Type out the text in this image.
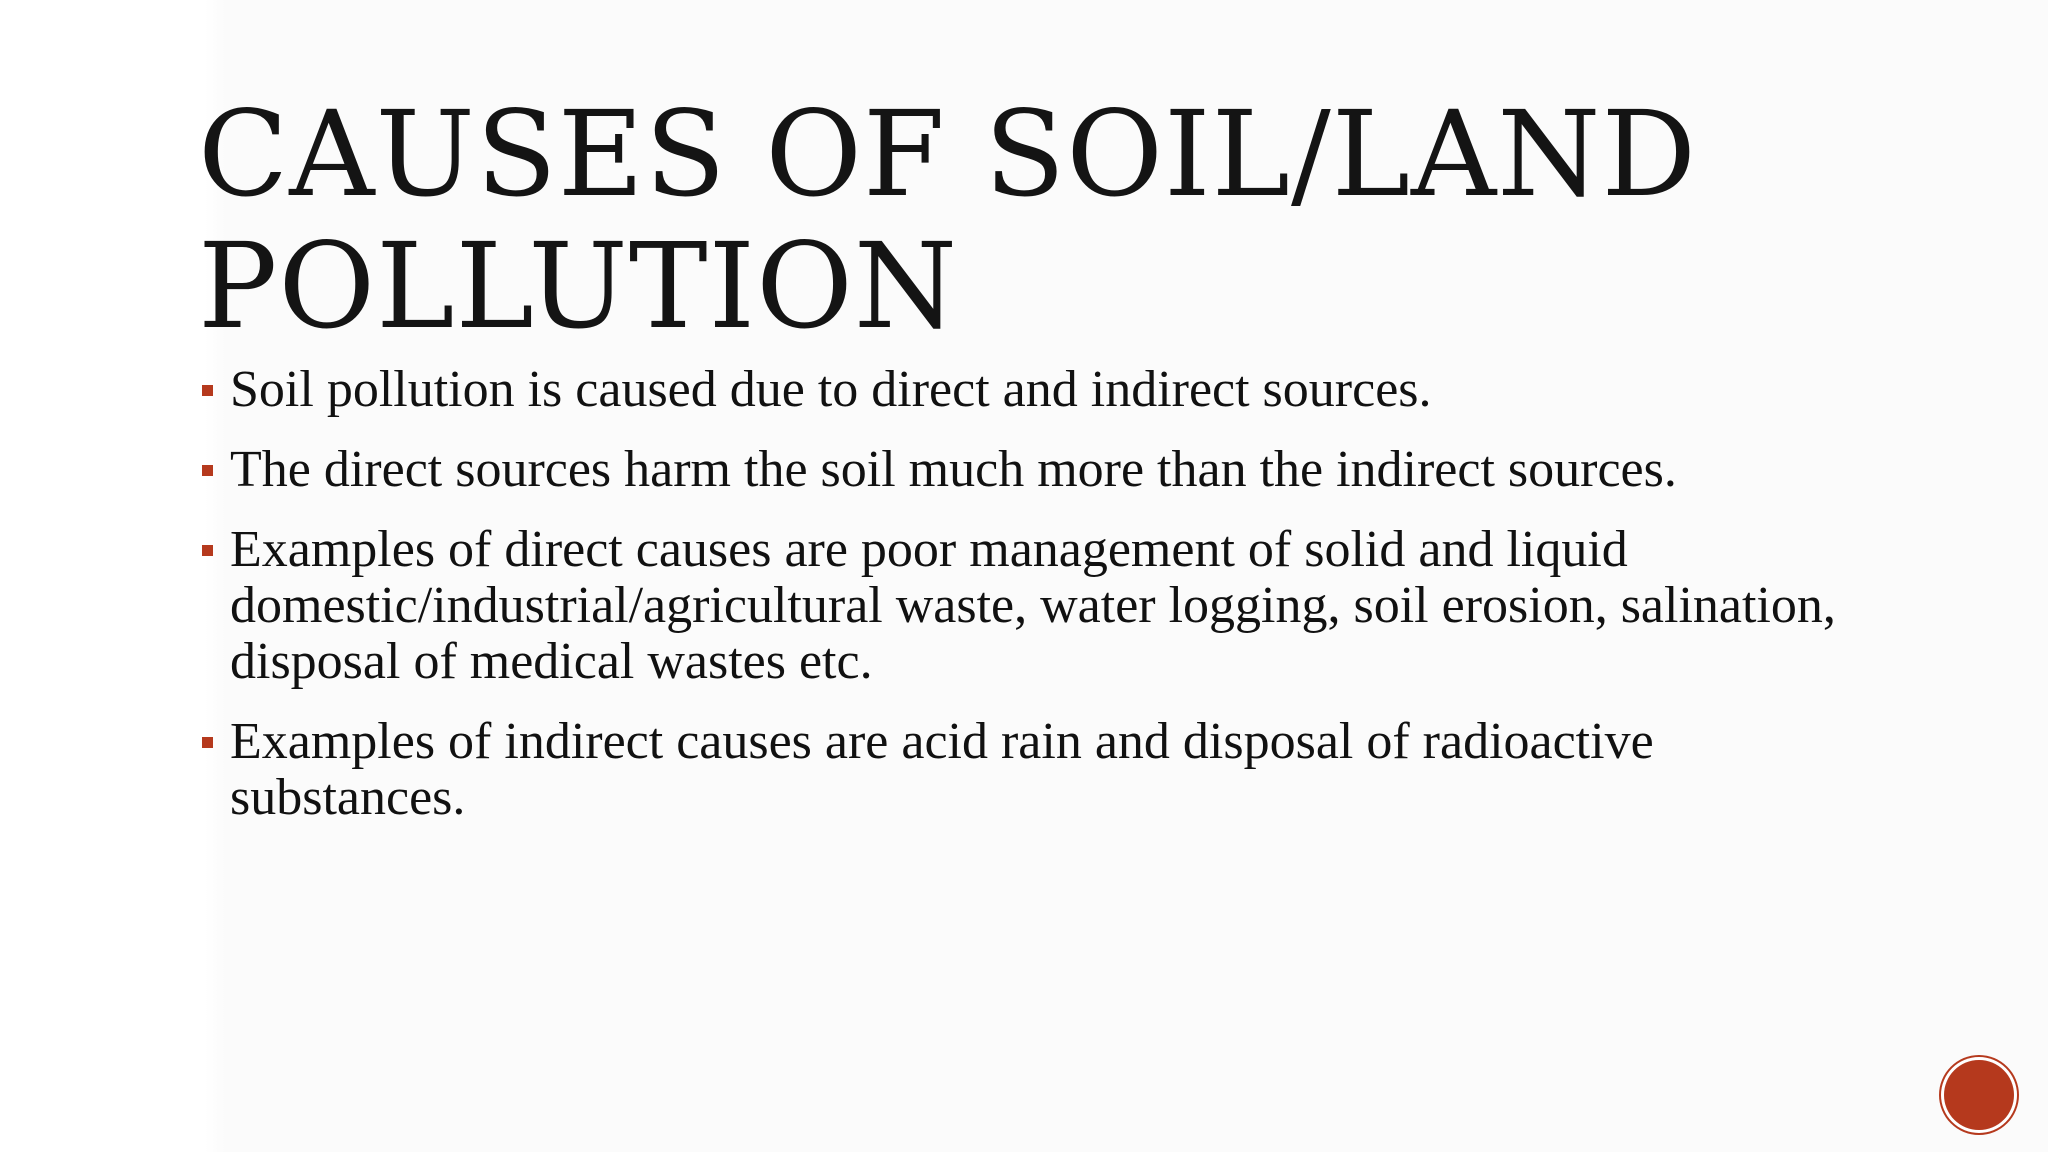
CAUSES OF SOIL/LAND POLLUTION
Soil pollution is caused due to direct and indirect sources.
The direct sources harm the soil much more than the indirect sources.
Examples of direct causes are poor management of solid and liquid domestic/industrial/agricultural waste, water logging, soil erosion, salination, disposal of medical wastes etc.
Examples of indirect causes are acid rain and disposal of radioactive substances.
